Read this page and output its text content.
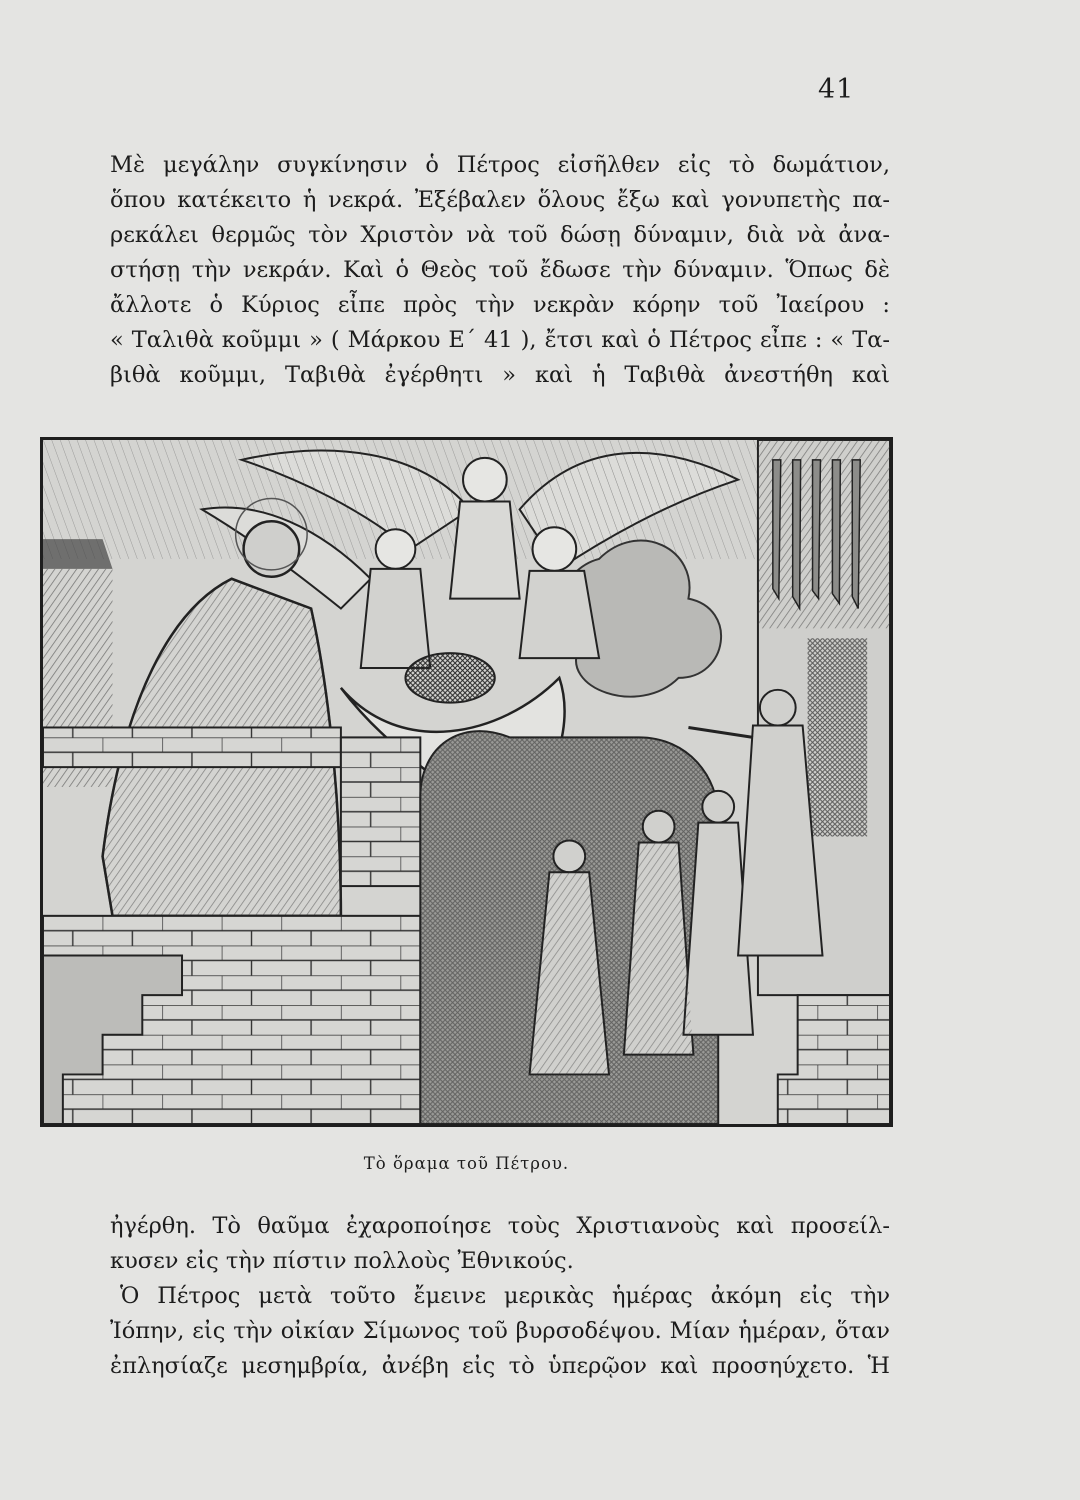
41
Μὲ μεγάλην συγκίνησιν ὁ Πέτρος εἰσῆλθεν εἰς τὸ δωμάτιον,
ὅπου κατέκειτο ἡ νεκρά. Ἐξέβαλεν ὅλους ἔξω καὶ γονυπετὴς πα-
ρεκάλει θερμῶς τὸν Χριστὸν νὰ τοῦ δώσῃ δύναμιν, διὰ νὰ ἀνα-
στήσῃ τὴν νεκράν. Καὶ ὁ Θεὸς τοῦ ἔδωσε τὴν δύναμιν. Ὅπως δὲ
ἄλλοτε ὁ Κύριος εἶπε πρὸς τὴν νεκρὰν κόρην τοῦ Ἰαείρου :
« Ταλιθὰ κοῦμμι » ( Μάρκου Ε΄ 41 ), ἔτσι καὶ ὁ Πέτρος εἶπε : « Τα-
βιθὰ κοῦμμι, Ταβιθὰ ἐγέρθητι » καὶ ἡ Ταβιθὰ ἀνεστήθη καὶ
Τὸ ὅραμα τοῦ Πέτρου.
ἠγέρθη. Τὸ θαῦμα ἐχαροποίησε τοὺς Χριστιανοὺς καὶ προσείλ-
κυσεν εἰς τὴν πίστιν πολλοὺς Ἐθνικούς.
Ὁ Πέτρος μετὰ τοῦτο ἔμεινε μερικὰς ἡμέρας ἀκόμη εἰς τὴν
Ἰόπην, εἰς τὴν οἰκίαν Σίμωνος τοῦ βυρσοδέψου. Μίαν ἡμέραν, ὅταν
ἐπλησίαζε μεσημβρία, ἀνέβη εἰς τὸ ὑπερῷον καὶ προσηύχετο. Ἡ
